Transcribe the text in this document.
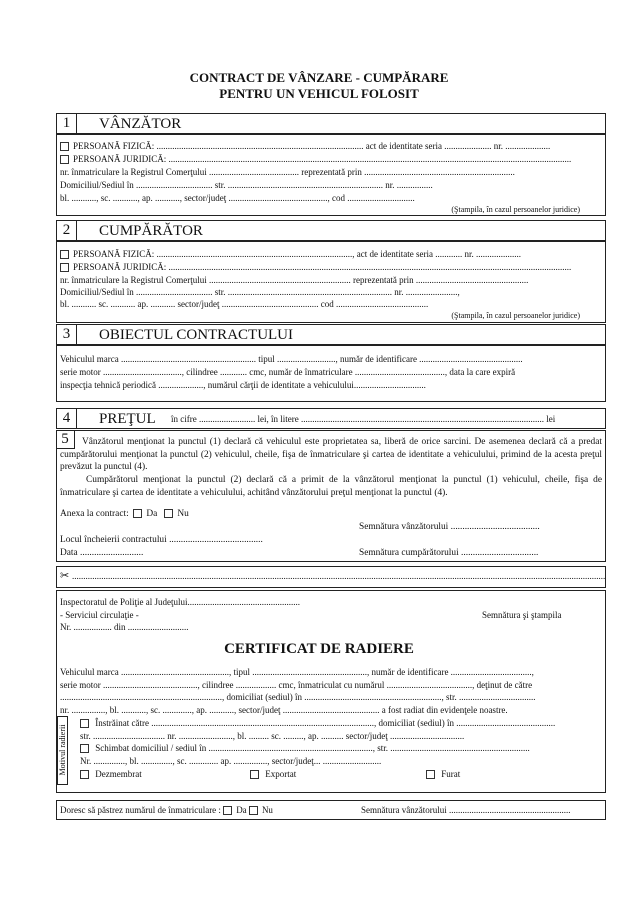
CONTRACT DE VÂNZARE - CUMPĂRARE
PENTRU UN VEHICUL FOLOSIT
1	VÂNZĂTOR
PERSOANĂ FIZICĂ: ............................................................................................ act de identitate seria ..................... nr. ....................
PERSOANĂ JURIDICĂ: ...................................................................................................................................................................................
nr. înmatriculare la Registrul Comerţului ........................................ reprezentată prin ...................................................................
Domiciliul/Sediul în .................................. str. ..................................................................... nr. ................
bl. ..........., sc. ..........., ap. ..........., sector/judeţ ............................................, cod ..............................
(Ştampila, în cazul persoanelor juridice)
2	CUMPĂRĂTOR
PERSOANĂ FIZICĂ: ......................................................................................., act de identitate seria ............ nr. ....................
PERSOANĂ JURIDICĂ: ...................................................................................................................................................................................
nr. înmatriculare la Registrul Comerţului ............................................................... reprezentată prin ..................................................
Domiciliul/Sediul în .................................. str. ......................................................................... nr. .......................,
bl. ........... sc. ........... ap. ........... sector/judeţ ........................................... cod .........................................
(Ştampila, în cazul persoanelor juridice)
3	OBIECTUL CONTRACTULUI
Vehiculul marca ............................................................ tipul .........................., număr de identificare ..............................................
serie motor ..................................., cilindree ............ cmc, număr de înmatriculare ........................................, data la care expiră
inspecţia tehnică periodică ...................., numărul cărţii de identitate a vehiculului................................
4	PREŢUL în cifre ......................... lei, în litere ............................................................................................................ lei
5	Vânzătorul menţionat la punctul (1) declară că vehiculul este proprietatea sa, liberă de orice sarcini. De asemenea declară că a predat cumpărătorului menţionat la punctul (2) vehiculul, cheile, fişa de înmatriculare şi cartea de identitate a vehiculului, primind de la acesta preţul prevăzut la punctul (4).
Cumpărătorul menţionat la punctul (2) declară că a primit de la vânzătorul menţionat la punctul (1) vehiculul, cheile, fişa de înmatriculare şi cartea de identitate a vehiculului, achitând vânzătorului preţul menţionat la punctul (4).
Anexa la contract: Da Nu
Semnătura vânzătorului ......................................
Locul încheierii contractului ........................................
Data ...........................	Semnătura cumpărătorului .................................
✂ .............................................................................................................................................................................................................................................
Inspectoratul de Poliţie al Judeţului..................................................
- Serviciul circulaţie -	Semnătura şi ştampila
Nr. ................. din ...........................
CERTIFICAT DE RADIERE
Vehiculul marca ................................................, tipul ..................................................., număr de identificare ....................................,
serie motor .........................................., cilindree .................. cmc, înmatriculat cu numărul ......................................, deţinut de către
........................................................................, domiciliat (sediul) în ............................................................., str. ..................................
nr. ..............., bl. ..........., sc. ............., ap. ..........., sector/judeţ ........................................... a fost radiat din evidenţele noastre.
Motivul radierii
Înstrăinat către ..................................................................................................., domiciliat (sediul) în ............................................
str. ................................ nr. ........................, bl. ......... sc. ........., ap. .......... sector/judeţ .................................
Schimbat domiciliul / sediul în ........................................................................., str. ..............................................................
Nr. .............., bl. .............., sc. ............. ap. ..............., sector/judeţ... ..........................
Dezmembrat	Exportat	Furat
Doresc să păstrez numărul de înmatriculare : Da Nu	Semnătura vânzătorului ......................................................
